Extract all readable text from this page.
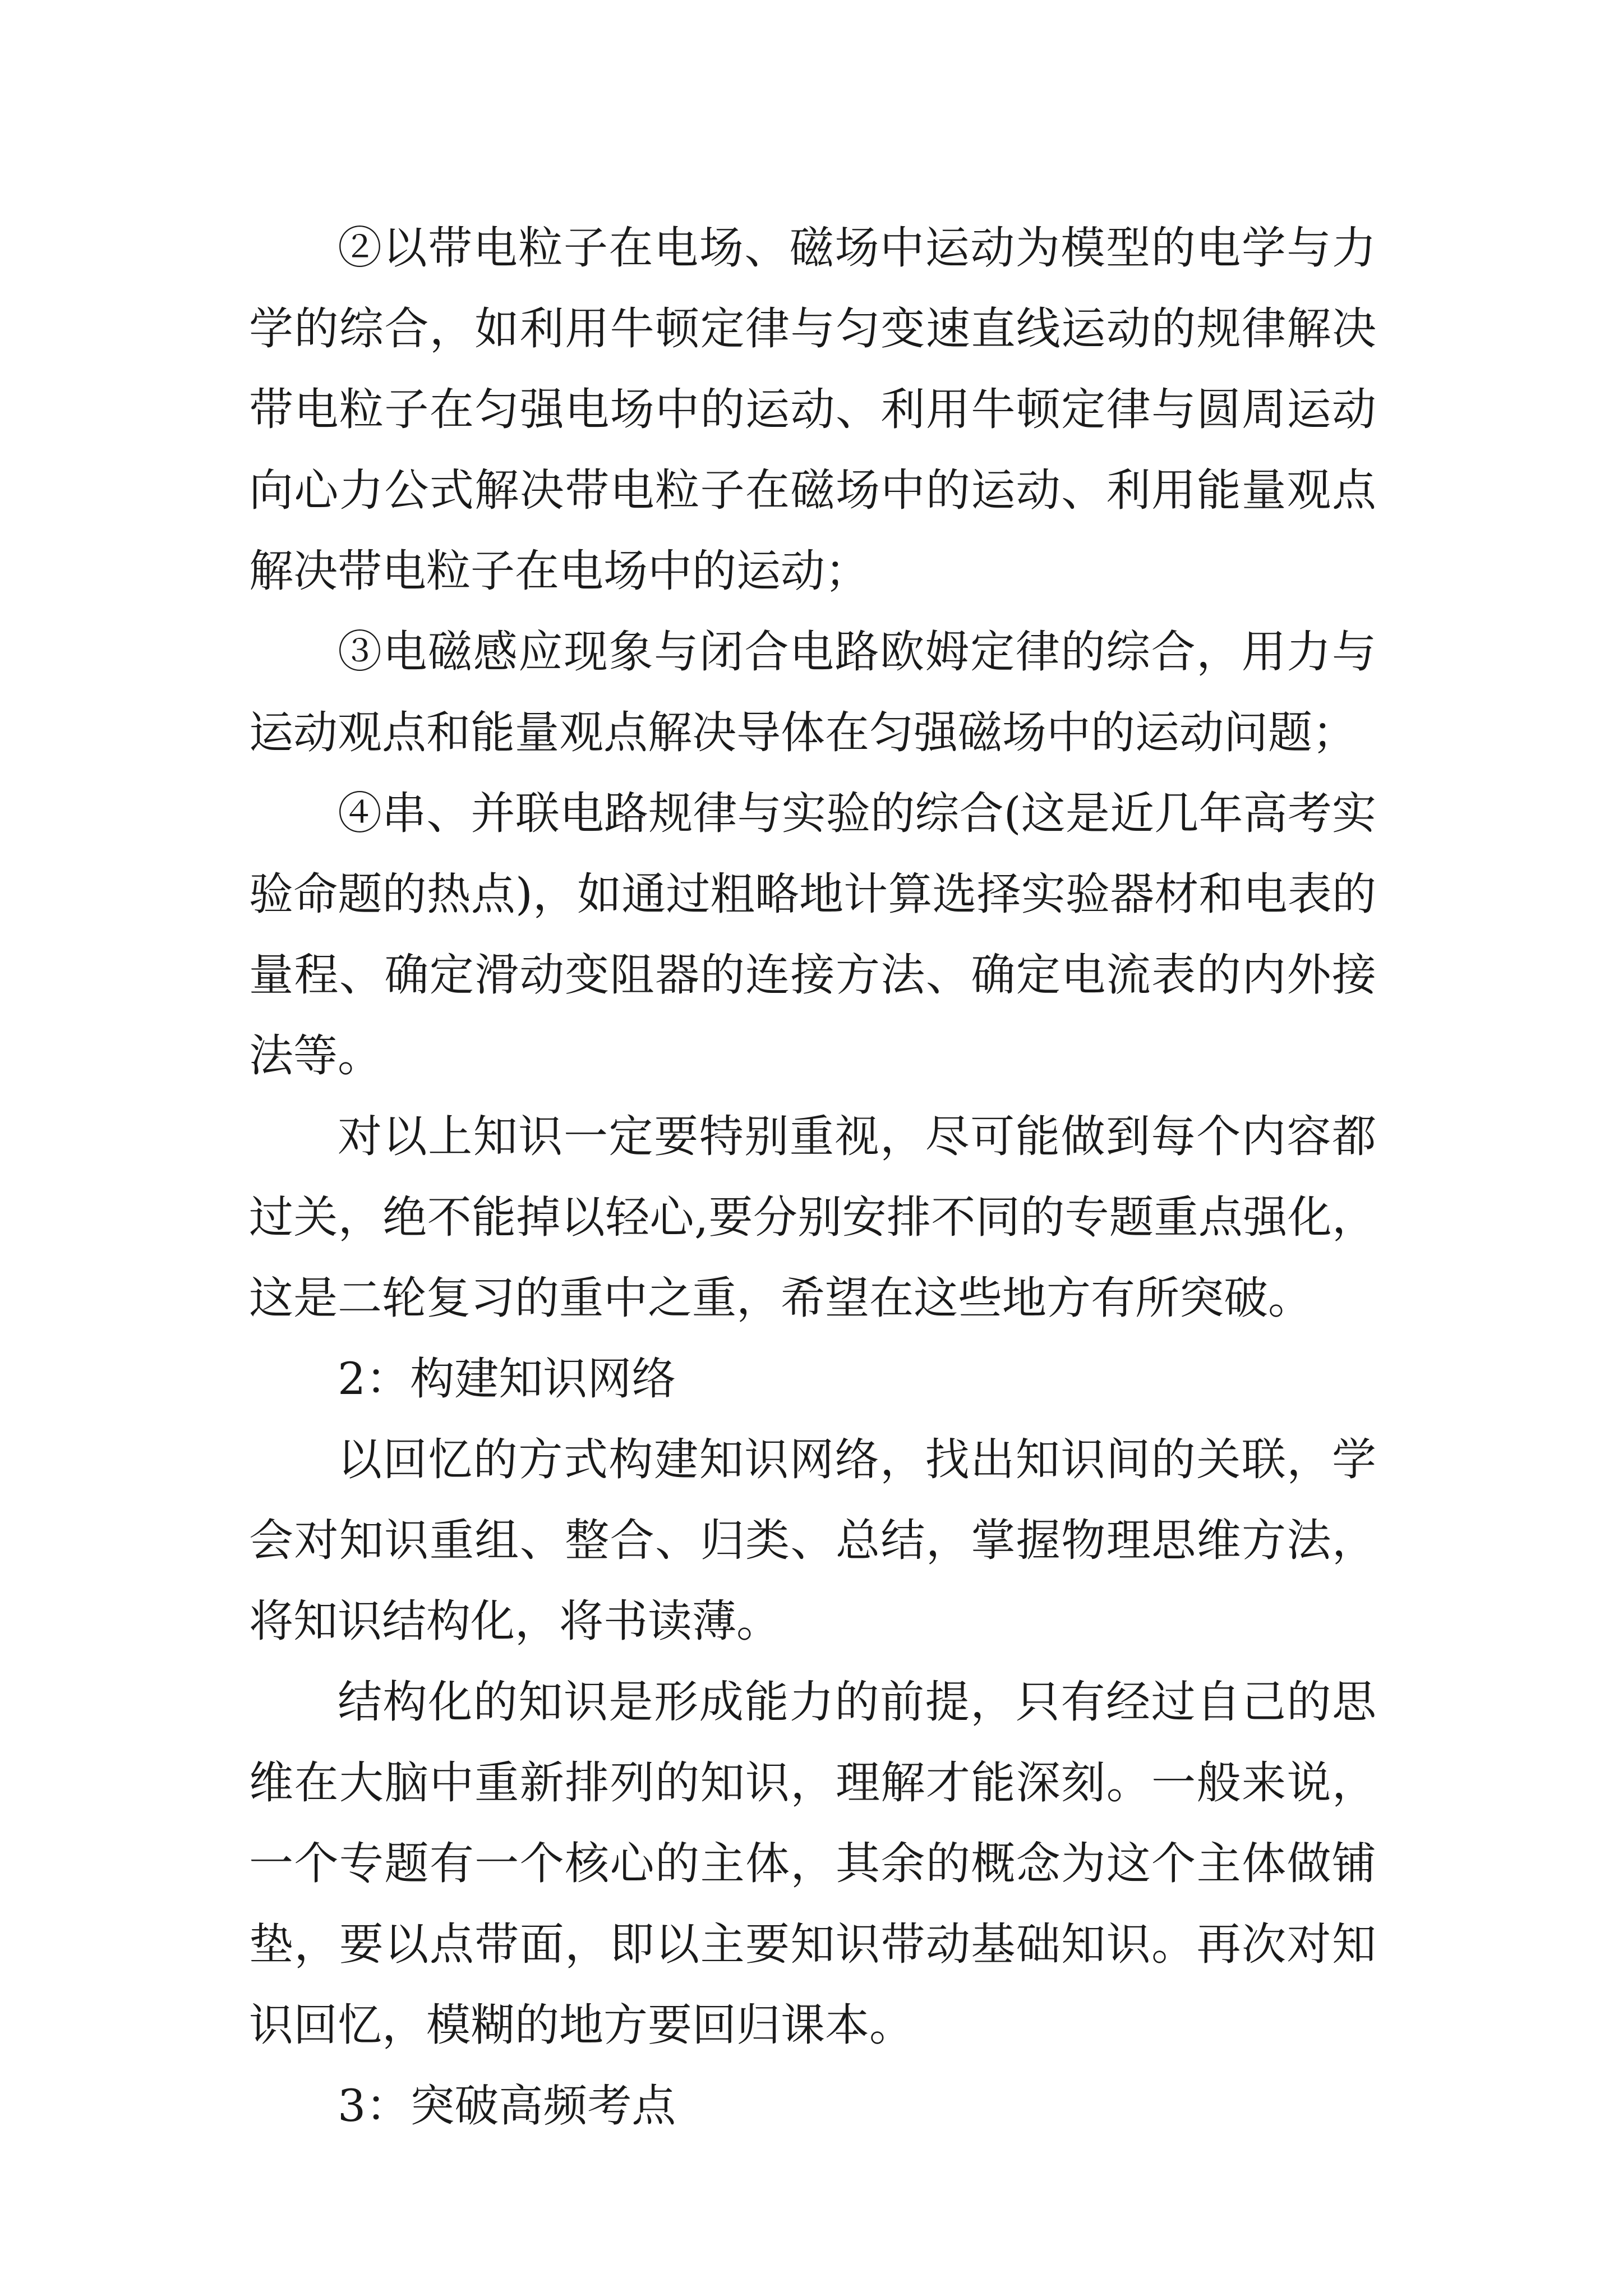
②以带电粒子在电场、磁场中运动为模型的电学与力学的综合，如利用牛顿定律与匀变速直线运动的规律解决带电粒子在匀强电场中的运动、利用牛顿定律与圆周运动向心力公式解决带电粒子在磁场中的运动、利用能量观点解决带电粒子在电场中的运动；

③电磁感应现象与闭合电路欧姆定律的综合，用力与运动观点和能量观点解决导体在匀强磁场中的运动问题；

④串、并联电路规律与实验的综合(这是近几年高考实验命题的热点)，如通过粗略地计算选择实验器材和电表的量程、确定滑动变阻器的连接方法、确定电流表的内外接法等。

对以上知识一定要特别重视，尽可能做到每个内容都过关，绝不能掉以轻心,要分别安排不同的专题重点强化，这是二轮复习的重中之重，希望在这些地方有所突破。

2：构建知识网络

以回忆的方式构建知识网络，找出知识间的关联，学会对知识重组、整合、归类、总结，掌握物理思维方法，将知识结构化，将书读薄。

结构化的知识是形成能力的前提，只有经过自己的思维在大脑中重新排列的知识，理解才能深刻。一般来说，一个专题有一个核心的主体，其余的概念为这个主体做铺垫，要以点带面，即以主要知识带动基础知识。再次对知识回忆，模糊的地方要回归课本。

3：突破高频考点
